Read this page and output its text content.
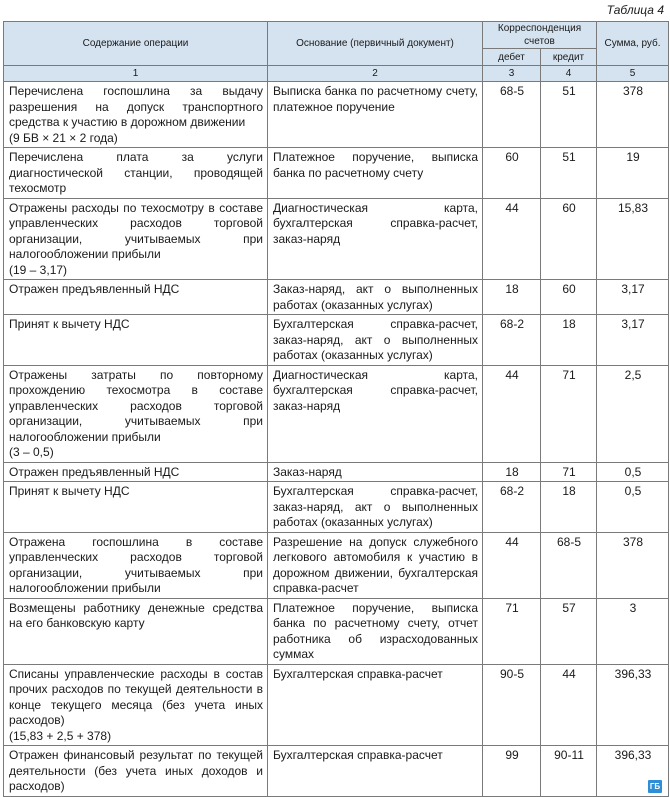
Таблица 4
Содержание операции	Основание (первичный документ)	Корреспонденция счетов		Сумма, руб.
		дебет	кредит	
1	2	3	4	5
Перечислена госпошлина за выдачу разрешения на допуск транспортного средства к участию в дорожном движении
(9 БВ × 21 × 2 года)	Выписка банка по расчетному счету, платежное поручение	68-5	51	378
Перечислена плата за услуги диагностической станции, проводящей техосмотр	Платежное поручение, выписка банка по расчетному счету	60	51	19
Отражены расходы по техосмотру в составе управленческих расходов торговой организации, учитываемых при налогообложении прибыли
(19 – 3,17)	Диагностическая карта, бухгалтерская справка-расчет, заказ-наряд	44	60	15,83
Отражен предъявленный НДС	Заказ-наряд, акт о выполненных работах (оказанных услугах)	18	60	3,17
Принят к вычету НДС	Бухгалтерская справка-расчет, заказ-наряд, акт о выполненных работах (оказанных услугах)	68-2	18	3,17
Отражены затраты по повторному прохождению техосмотра в составе управленческих расходов торговой организации, учитываемых при налогообложении прибыли
(3 – 0,5)	Диагностическая карта, бухгалтерская справка-расчет, заказ-наряд	44	71	2,5
Отражен предъявленный НДС	Заказ-наряд	18	71	0,5
Принят к вычету НДС	Бухгалтерская справка-расчет, заказ-наряд, акт о выполненных работах (оказанных услугах)	68-2	18	0,5
Отражена госпошлина в составе управленческих расходов торговой организации, учитываемых при налогообложении прибыли	Разрешение на допуск служебного легкового автомобиля к участию в дорожном движении, бухгалтерская справка-расчет	44	68-5	378
Возмещены работнику денежные средства на его банковскую карту	Платежное поручение, выписка банка по расчетному счету, отчет работника об израсходованных суммах	71	57	3
Списаны управленческие расходы в состав прочих расходов по текущей деятельности в конце текущего месяца (без учета иных расходов)
(15,83 + 2,5 + 378)	Бухгалтерская справка-расчет	90-5	44	396,33
Отражен финансовый результат по текущей деятельности (без учета иных доходов и расходов)	Бухгалтерская справка-расчет	99	90-11	396,33
ГБ
